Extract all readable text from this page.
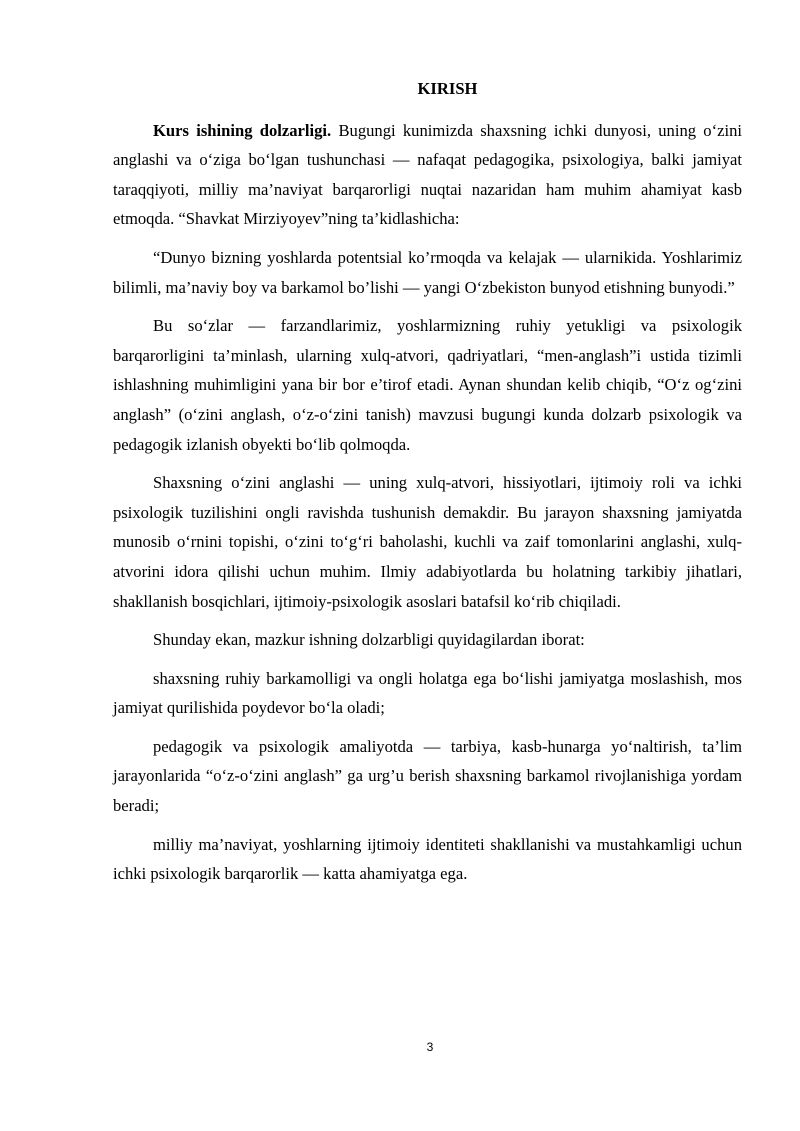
KIRISH

Kurs ishining dolzarligi. Bugungi kunimizda shaxsning ichki dunyosi, uning o‘zini anglashi va o‘ziga bo‘lgan tushunchasi — nafaqat pedagogika, psixologiya, balki jamiyat taraqqiyoti, milliy ma’naviyat barqarorligi nuqtai nazaridan ham muhim ahamiyat kasb etmoqda. “Shavkat Mirziyoyev”ning ta’kidlashicha:

“Dunyo bizning yoshlarda potentsial ko’rmoqda va kelajak — ularnikida. Yoshlarimiz bilimli, ma’naviy boy va barkamol bo’lishi — yangi O‘zbekiston bunyod etishning bunyodi.”

Bu so‘zlar — farzandlarimiz, yoshlarmizning ruhiy yetukligi va psixologik barqarorligini ta’minlash, ularning xulq-atvori, qadriyatlari, “men-anglash”i ustida tizimli ishlashning muhimligini yana bir bor e’tirof etadi. Aynan shundan kelib chiqib, “O‘z og‘zini anglash” (o‘zini anglash, o‘z-o‘zini tanish) mavzusi bugungi kunda dolzarb psixologik va pedagogik izlanish obyekti bo‘lib qolmoqda.

Shaxsning o‘zini anglashi — uning xulq-atvori, hissiyotlari, ijtimoiy roli va ichki psixologik tuzilishini ongli ravishda tushunish demakdir. Bu jarayon shaxsning jamiyatda munosib o‘rnini topishi, o‘zini to‘g‘ri baholashi, kuchli va zaif tomonlarini anglashi, xulq-atvorini idora qilishi uchun muhim. Ilmiy adabiyotlarda bu holatning tarkibiy jihatlari, shakllanish bosqichlari, ijtimoiy-psixologik asoslari batafsil ko‘rib chiqiladi.

Shunday ekan, mazkur ishning dolzarbligi quyidagilardan iborat:

shaxsning ruhiy barkamolligi va ongli holatga ega bo‘lishi jamiyatga moslashish, mos jamiyat qurilishida poydevor bo‘la oladi;

pedagogik va psixologik amaliyotda — tarbiya, kasb-hunarga yo‘naltirish, ta’lim jarayonlarida “o‘z-o‘zini anglash” ga urg’u berish shaxsning barkamol rivojlanishiga yordam beradi;

milliy ma’naviyat, yoshlarning ijtimoiy identiteti shakllanishi va mustahkamligi uchun ichki psixologik barqarorlik — katta ahamiyatga ega.

3
